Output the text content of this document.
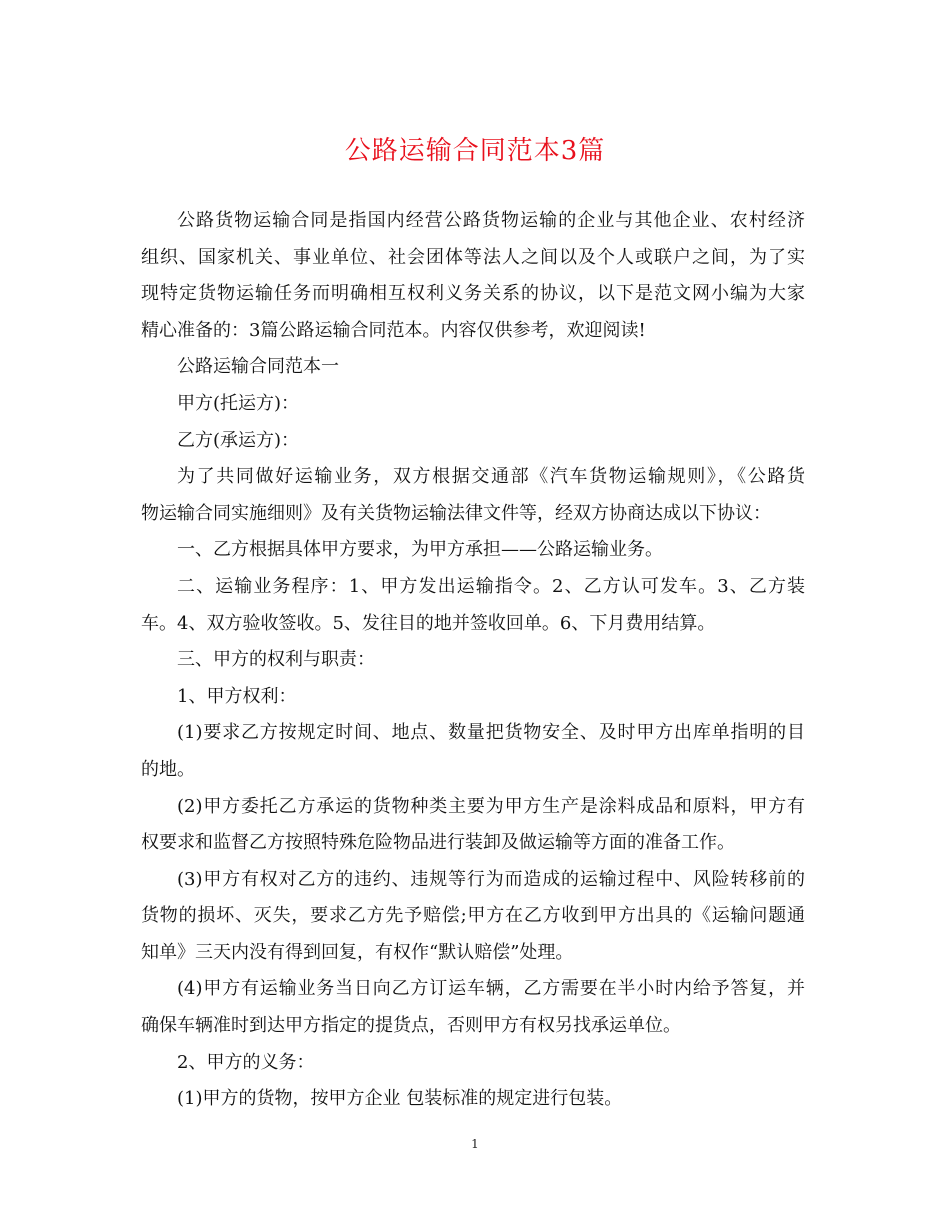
公路运输合同范本3篇
公路货物运输合同是指国内经营公路货物运输的企业与其他企业、农村经济
组织、国家机关、事业单位、社会团体等法人之间以及个人或联户之间，为了实
现特定货物运输任务而明确相互权利义务关系的协议，以下是范文网小编为大家
精心准备的：3篇公路运输合同范本。内容仅供参考，欢迎阅读!
公路运输合同范本一
甲方(托运方)：
乙方(承运方)：
为了共同做好运输业务，双方根据交通部《汽车货物运输规则》，《公路货
物运输合同实施细则》及有关货物运输法律文件等，经双方协商达成以下协议：
一、乙方根据具体甲方要求，为甲方承担——公路运输业务。
二、运输业务程序：1、甲方发出运输指令。2、乙方认可发车。3、乙方装
车。4、双方验收签收。5、发往目的地并签收回单。6、下月费用结算。
三、甲方的权利与职责：
1、甲方权利：
(1)要求乙方按规定时间、地点、数量把货物安全、及时甲方出库单指明的目
的地。
(2)甲方委托乙方承运的货物种类主要为甲方生产是涂料成品和原料，甲方有
权要求和监督乙方按照特殊危险物品进行装卸及做运输等方面的准备工作。
(3)甲方有权对乙方的违约、违规等行为而造成的运输过程中、风险转移前的
货物的损坏、灭失，要求乙方先予赔偿;甲方在乙方收到甲方出具的《运输问题通
知单》三天内没有得到回复，有权作“默认赔偿”处理。
(4)甲方有运输业务当日向乙方订运车辆，乙方需要在半小时内给予答复，并
确保车辆准时到达甲方指定的提货点，否则甲方有权另找承运单位。
2、甲方的义务：
(1)甲方的货物，按甲方企业 包装标准的规定进行包装。
1
